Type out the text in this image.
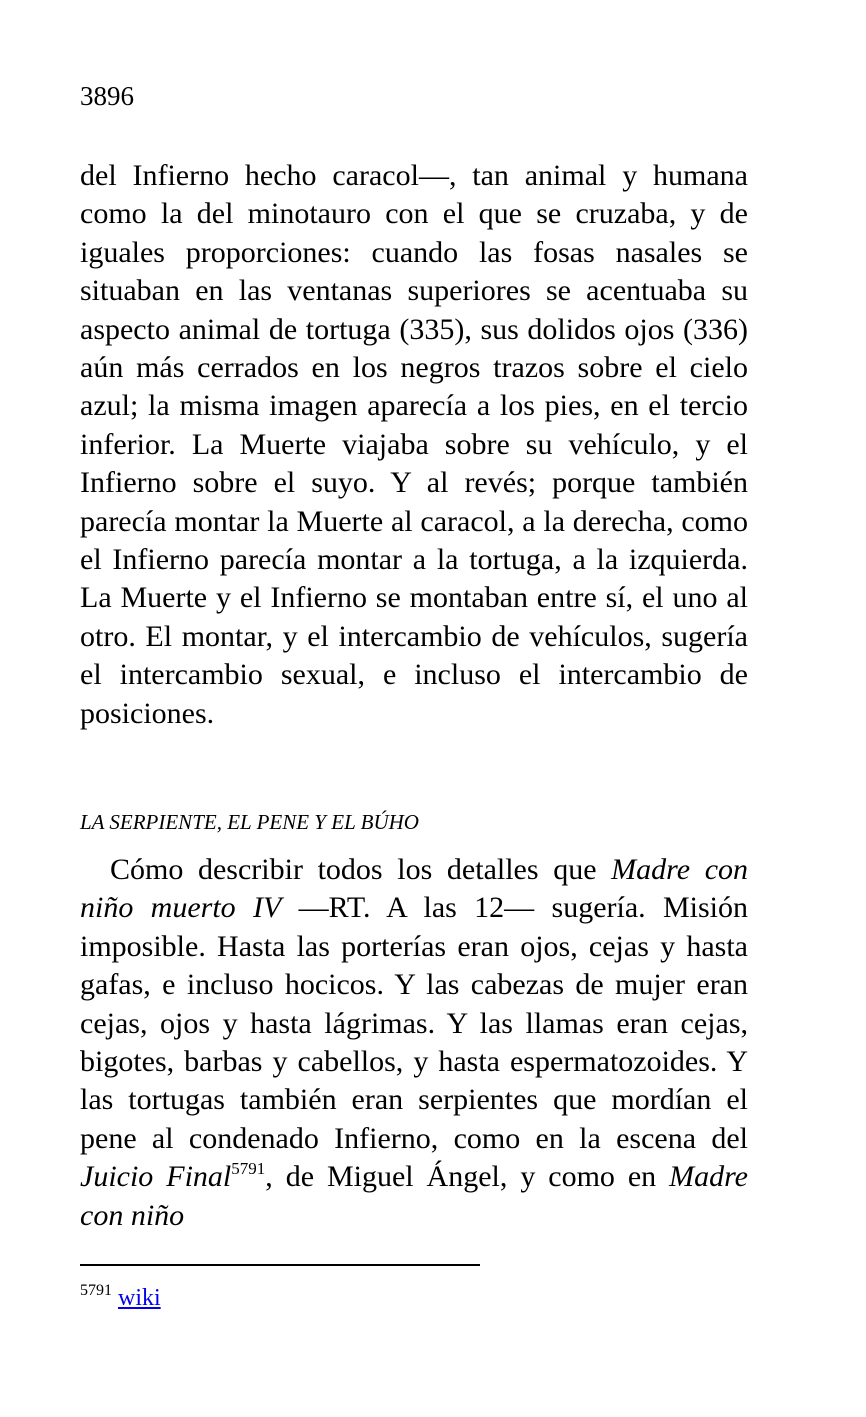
3896

del Infierno hecho caracol—, tan animal y humana como la del minotauro con el que se cruzaba, y de iguales proporciones: cuando las fosas nasales se situaban en las ventanas superiores se acentuaba su aspecto animal de tortuga (335), sus dolidos ojos (336) aún más cerrados en los negros trazos sobre el cielo azul; la misma imagen aparecía a los pies, en el tercio inferior. La Muerte viajaba sobre su vehículo, y el Infierno sobre el suyo. Y al revés; porque también parecía montar la Muerte al caracol, a la derecha, como el Infierno parecía montar a la tortuga, a la izquierda. La Muerte y el Infierno se montaban entre sí, el uno al otro. El montar, y el intercambio de vehículos, sugería el intercambio sexual, e incluso el intercambio de posiciones.

LA SERPIENTE, EL PENE Y EL BÚHO

Cómo describir todos los detalles que Madre con niño muerto IV —RT. A las 12— sugería. Misión imposible. Hasta las porterías eran ojos, cejas y hasta gafas, e incluso hocicos. Y las cabezas de mujer eran cejas, ojos y hasta lágrimas. Y las llamas eran cejas, bigotes, barbas y cabellos, y hasta espermatozoides. Y las tortugas también eran serpientes que mordían el pene al condenado Infierno, como en la escena del Juicio Final$^{5791}$, de Miguel Ángel, y como en Madre con niño

$^{5791}$ wiki
